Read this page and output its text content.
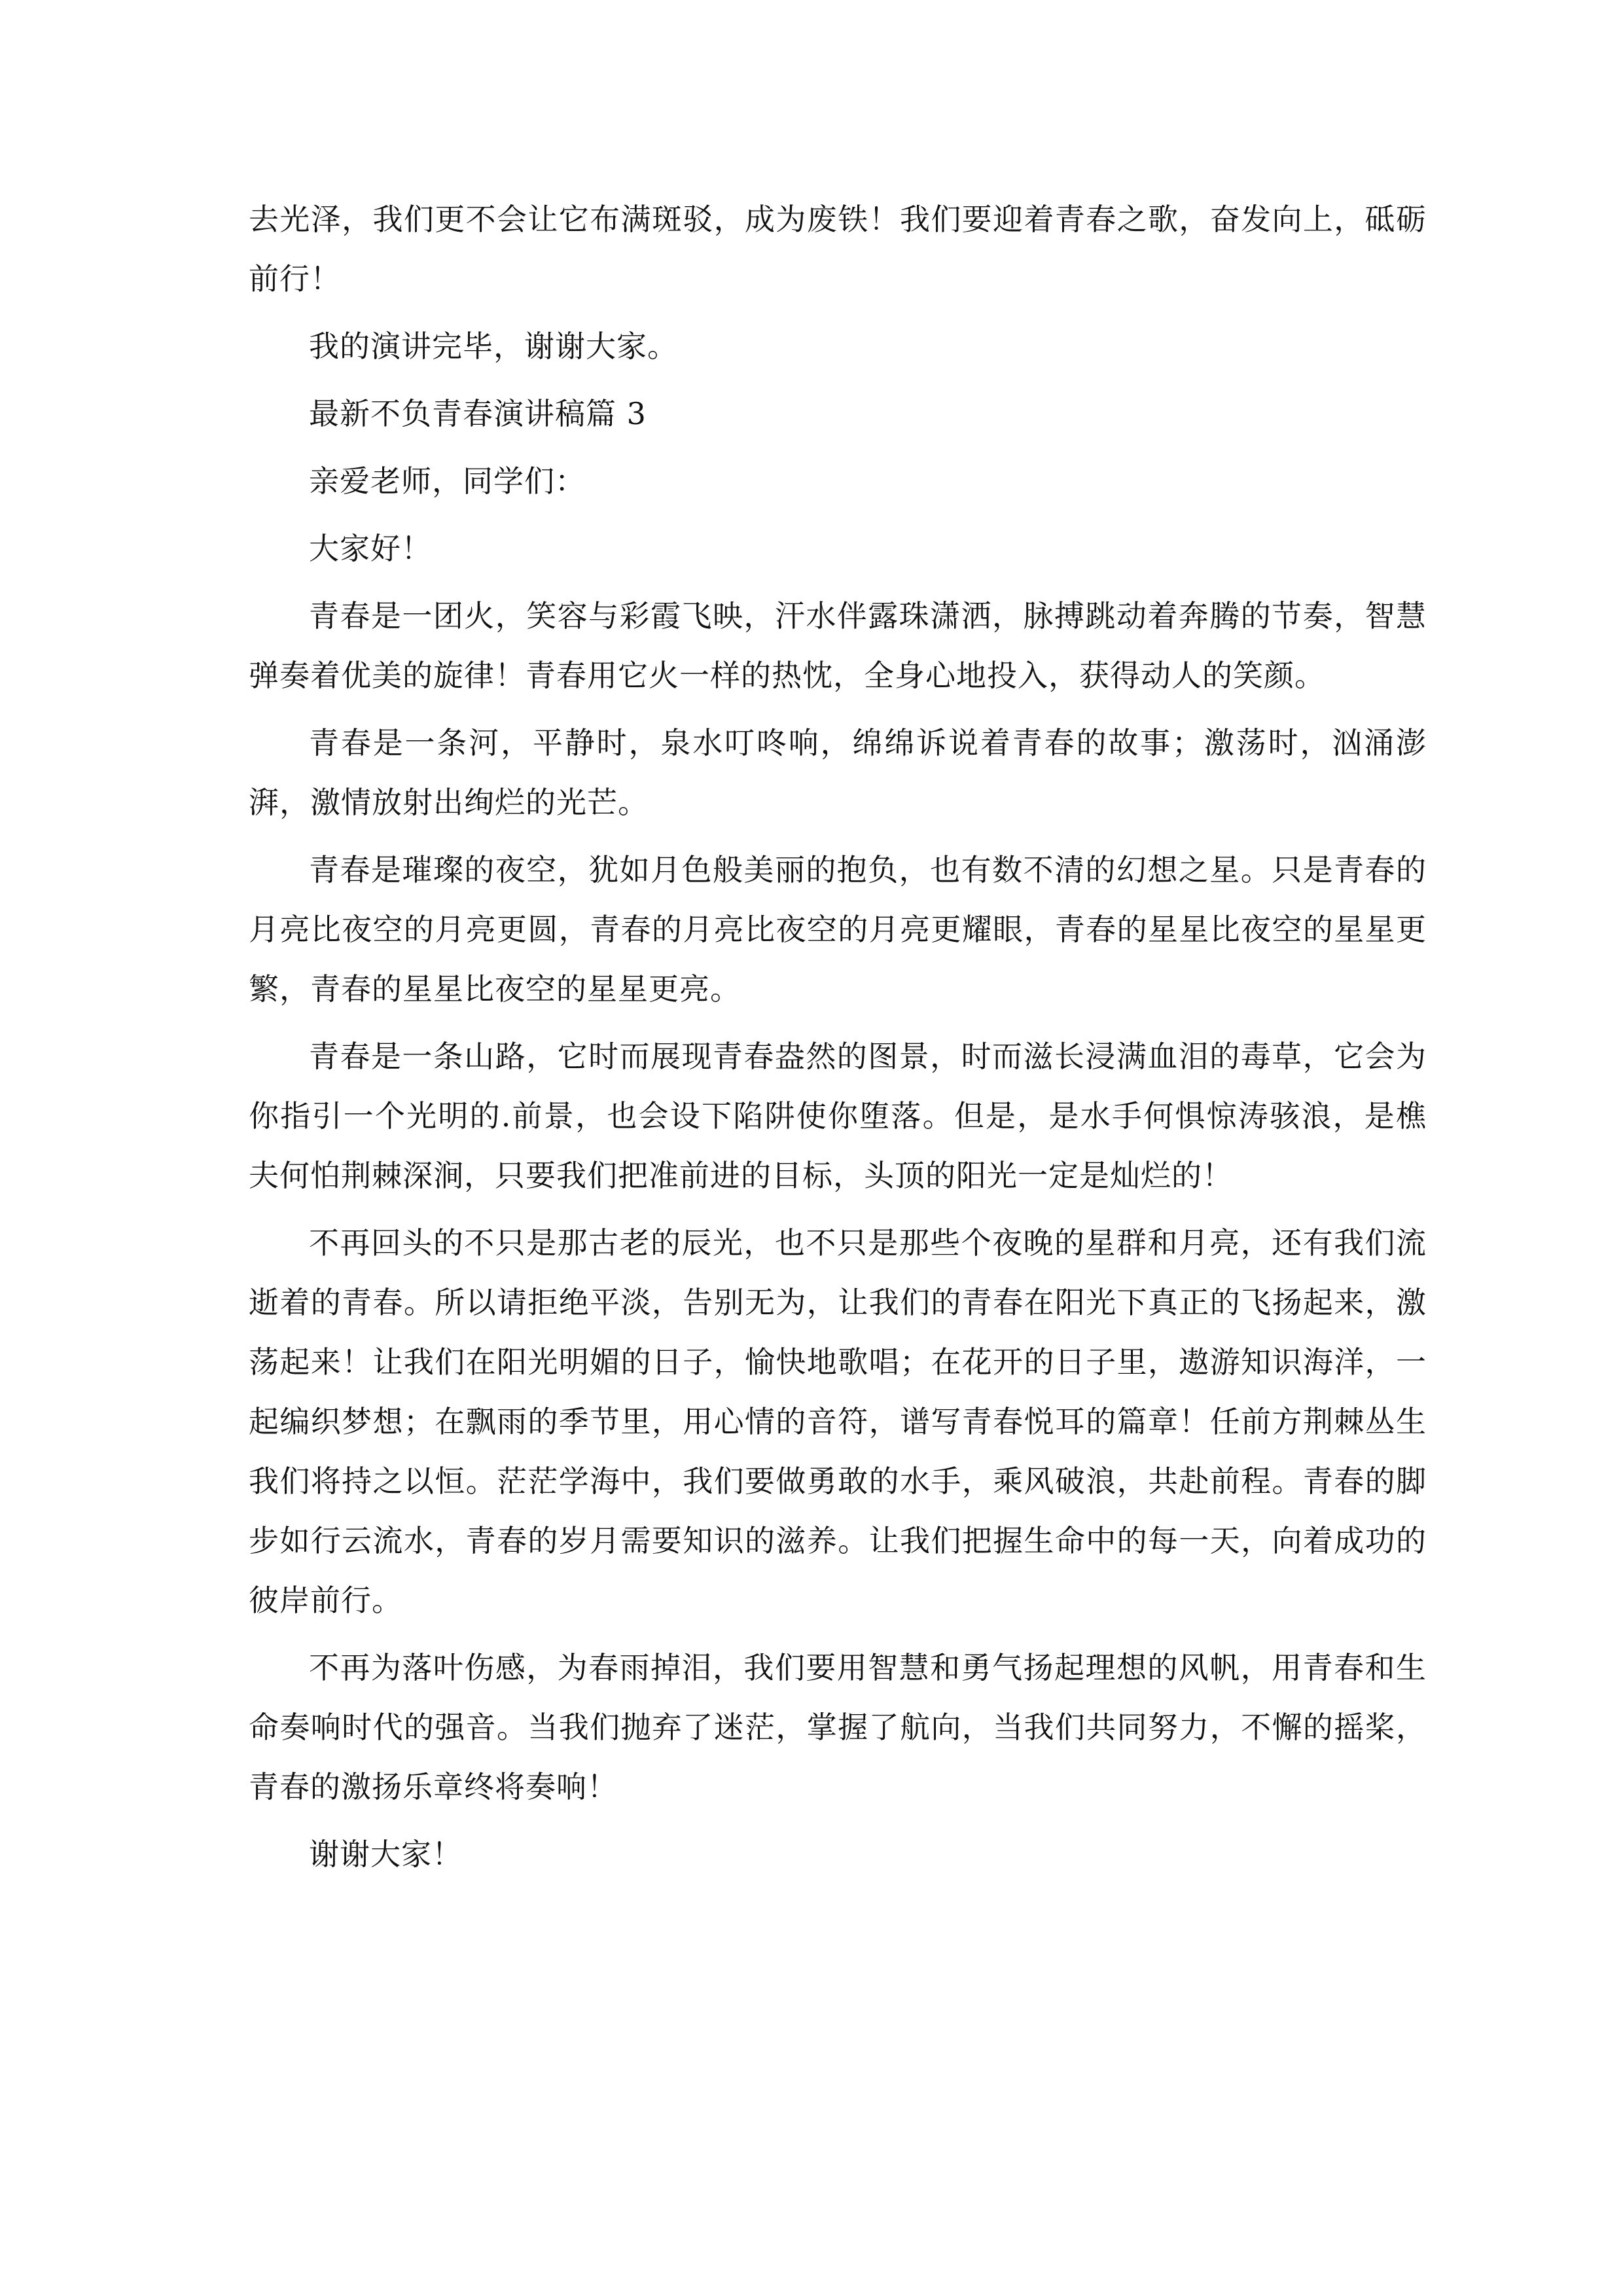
去光泽，我们更不会让它布满斑驳，成为废铁！我们要迎着青春之歌，奋发向上，砥砺前行！

我的演讲完毕，谢谢大家。

最新不负青春演讲稿篇 3

亲爱老师，同学们：

大家好！

青春是一团火，笑容与彩霞飞映，汗水伴露珠潇洒，脉搏跳动着奔腾的节奏，智慧弹奏着优美的旋律！青春用它火一样的热忱，全身心地投入，获得动人的笑颜。

青春是一条河，平静时，泉水叮咚响，绵绵诉说着青春的故事；激荡时，汹涌澎湃，激情放射出绚烂的光芒。

青春是璀璨的夜空，犹如月色般美丽的抱负，也有数不清的幻想之星。只是青春的月亮比夜空的月亮更圆，青春的月亮比夜空的月亮更耀眼，青春的星星比夜空的星星更繁，青春的星星比夜空的星星更亮。

青春是一条山路，它时而展现青春盎然的图景，时而滋长浸满血泪的毒草，它会为你指引一个光明的.前景，也会设下陷阱使你堕落。但是，是水手何惧惊涛骇浪，是樵夫何怕荆棘深涧，只要我们把准前进的目标，头顶的阳光一定是灿烂的！

不再回头的不只是那古老的辰光，也不只是那些个夜晚的星群和月亮，还有我们流逝着的青春。所以请拒绝平淡，告别无为，让我们的青春在阳光下真正的飞扬起来，激荡起来！让我们在阳光明媚的日子，愉快地歌唱；在花开的日子里，遨游知识海洋，一起编织梦想；在飘雨的季节里，用心情的音符，谱写青春悦耳的篇章！任前方荆棘丛生我们将持之以恒。茫茫学海中，我们要做勇敢的水手，乘风破浪，共赴前程。青春的脚步如行云流水，青春的岁月需要知识的滋养。让我们把握生命中的每一天，向着成功的彼岸前行。

不再为落叶伤感，为春雨掉泪，我们要用智慧和勇气扬起理想的风帆，用青春和生命奏响时代的强音。当我们抛弃了迷茫，掌握了航向，当我们共同努力，不懈的摇桨，青春的激扬乐章终将奏响！

谢谢大家！
